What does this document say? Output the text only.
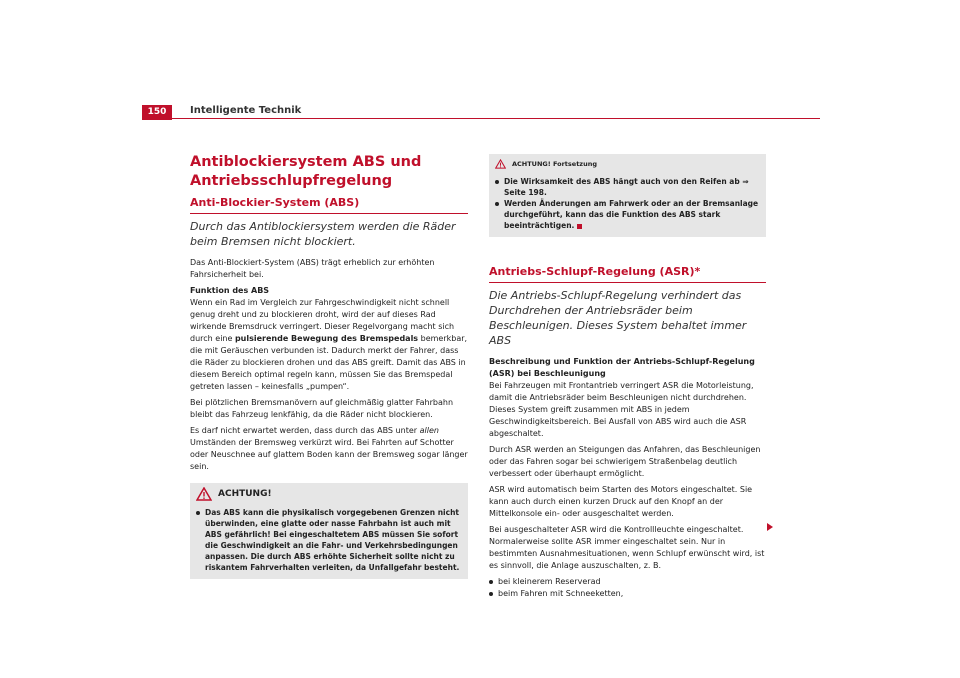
150	Intelligente Technik
Antiblockiersystem ABS und Antriebsschlupfregelung
Anti-Blockier-System (ABS)
Durch das Antiblockiersystem werden die Räder beim Bremsen nicht blockiert.

Das Anti-Blockiert-System (ABS) trägt erheblich zur erhöhten Fahrsicherheit bei.

Funktion des ABS

Wenn ein Rad im Vergleich zur Fahrgeschwindigkeit nicht schnell genug dreht und zu blockieren droht, wird der auf dieses Rad wirkende Bremsdruck verringert. Dieser Regelvorgang macht sich durch eine pulsierende Bewegung des Bremspedals bemerkbar, die mit Geräuschen verbunden ist. Dadurch merkt der Fahrer, dass die Räder zu blockieren drohen und das ABS greift. Damit das ABS in diesem Bereich optimal regeln kann, müssen Sie das Bremspedal getreten lassen – keinesfalls „pumpen“.

Bei plötzlichen Bremsmanövern auf gleichmäßig glatter Fahrbahn bleibt das Fahrzeug lenkfähig, da die Räder nicht blockieren.

Es darf nicht erwartet werden, dass durch das ABS unter allen Umständen der Bremsweg verkürzt wird. Bei Fahrten auf Schotter oder Neuschnee auf glattem Boden kann der Bremsweg sogar länger sein.

ACHTUNG!
Das ABS kann die physikalisch vorgegebenen Grenzen nicht überwinden, eine glatte oder nasse Fahrbahn ist auch mit ABS gefährlich! Bei eingeschaltetem ABS müssen Sie sofort die Geschwindigkeit an die Fahr- und Verkehrsbedingungen anpassen. Die durch ABS erhöhte Sicherheit sollte nicht zu riskantem Fahrverhalten verleiten, da Unfallgefahr besteht.
ACHTUNG! Fortsetzung
Die Wirksamkeit des ABS hängt auch von den Reifen ab ⇒ Seite 198.
Werden Änderungen am Fahrwerk oder an der Bremsanlage durchgeführt, kann das die Funktion des ABS stark beeinträchtigen.
Antriebs-Schlupf-Regelung (ASR)*
Die Antriebs-Schlupf-Regelung verhindert das Durchdrehen der Antriebsräder beim Beschleunigen. Dieses System behaltet immer ABS
Beschreibung und Funktion der Antriebs-Schlupf-Regelung (ASR) bei Beschleunigung

Bei Fahrzeugen mit Frontantrieb verringert ASR die Motorleistung, damit die Antriebsräder beim Beschleunigen nicht durchdrehen. Dieses System greift zusammen mit ABS in jedem Geschwindigkeitsbereich. Bei Ausfall von ABS wird auch die ASR abgeschaltet.

Durch ASR werden an Steigungen das Anfahren, das Beschleunigen oder das Fahren sogar bei schwierigem Straßenbelag deutlich verbessert oder überhaupt ermöglicht.

ASR wird automatisch beim Starten des Motors eingeschaltet. Sie kann auch durch einen kurzen Druck auf den Knopf an der Mittelkonsole ein- oder ausgeschaltet werden.

Bei ausgeschalteter ASR wird die Kontrollleuchte eingeschaltet. Normalerweise sollte ASR immer eingeschaltet sein. Nur in bestimmten Ausnahmesituationen, wenn Schlupf erwünscht wird, ist es sinnvoll, die Anlage auszuschalten, z. B.

bei kleinerem Reserverad
beim Fahren mit Schneeketten,
